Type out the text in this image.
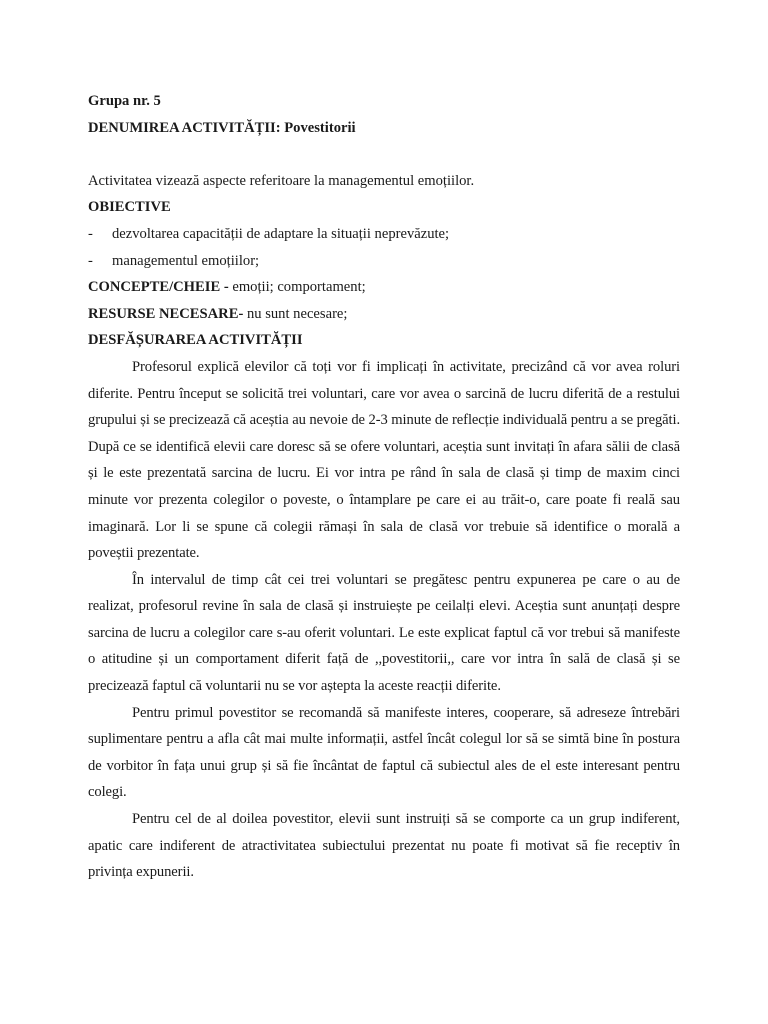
Grupa nr. 5
DENUMIREA ACTIVITĂȚII: Povestitorii
Activitatea vizează aspecte referitoare la managementul emoțiilor.
OBIECTIVE
-	dezvoltarea capacității de adaptare la situații neprevăzute;
-	managementul emoțiilor;
CONCEPTE/CHEIE - emoții; comportament;
RESURSE NECESARE- nu sunt necesare;
DESFĂȘURAREA ACTIVITĂȚII

Profesorul explică elevilor că toți vor fi implicați în activitate, precizând că vor avea roluri diferite. Pentru început se solicită trei voluntari, care vor avea o sarcină de lucru diferită de a restului grupului și se precizează că aceștia au nevoie de 2-3 minute de reflecție individuală pentru a se pregăti. După ce se identifică elevii care doresc să se ofere voluntari, aceștia sunt invitați în afara sălii de clasă și le este prezentată sarcina de lucru. Ei vor intra pe rând în sala de clasă și timp de maxim cinci minute vor prezenta colegilor o poveste, o întamplare pe care ei au trăit-o, care poate fi reală sau imaginară. Lor li se spune că colegii rămași în sala de clasă vor trebuie să identifice o morală a poveștii prezentate.

În intervalul de timp cât cei trei voluntari se pregătesc pentru expunerea pe care o au de realizat, profesorul revine în sala de clasă și instruiește pe ceilalți elevi. Aceștia sunt anunțați despre sarcina de lucru a colegilor care s-au oferit voluntari. Le este explicat faptul că vor trebui să manifeste o atitudine și un comportament diferit față de ,,povestitorii,, care vor intra în sală de clasă și se precizează faptul că voluntarii nu se vor aștepta la aceste reacții diferite.

Pentru primul povestitor se recomandă să manifeste interes, cooperare, să adreseze întrebări suplimentare pentru a afla cât mai multe informații, astfel încât colegul lor să se simtă bine în postura de vorbitor în fața unui grup și să fie încântat de faptul că subiectul ales de el este interesant pentru colegi.

Pentru cel de al doilea povestitor, elevii sunt instruiți să se comporte ca un grup indiferent, apatic care indiferent de atractivitatea subiectului prezentat nu poate fi motivat să fie receptiv în privința expunerii.
